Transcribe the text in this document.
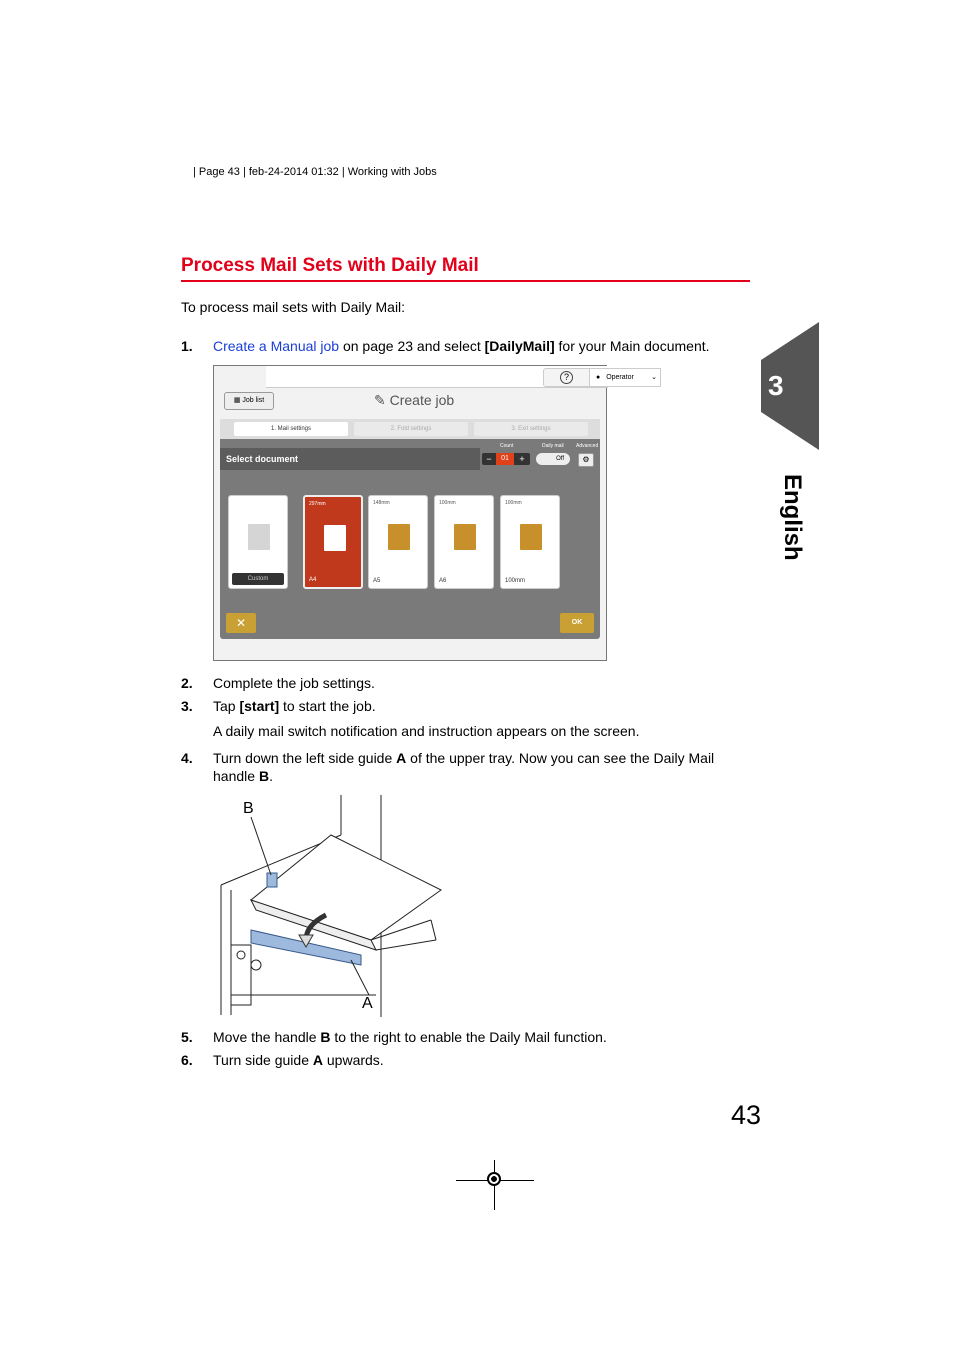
| Page 43 | feb-24-2014 01:32 | Working with Jobs
Process Mail Sets with Daily Mail
To process mail sets with Daily Mail:
1. Create a Manual job on page 23 and select [DailyMail] for your Main document.
?	● Operator ⌄
▦ Job list	✎ Create job
1. Mail settings	2. Fold settings	3. Exit settings
Select document
Count	Daily mail Advanced
−	01	+	Off	⚙
Custom
297mm
A4
148mm
A5
100mm
A6
100mm
100mm
✕	OK
2. Complete the job settings.
3. Tap [start] to start the job.
A daily mail switch notification and instruction appears on the screen.
4. Turn down the left side guide A of the upper tray. Now you can see the Daily Mail
handle B.
B
A
5. Move the handle B to the right to enable the Daily Mail function.
6. Turn side guide A upwards.
3
English
43
